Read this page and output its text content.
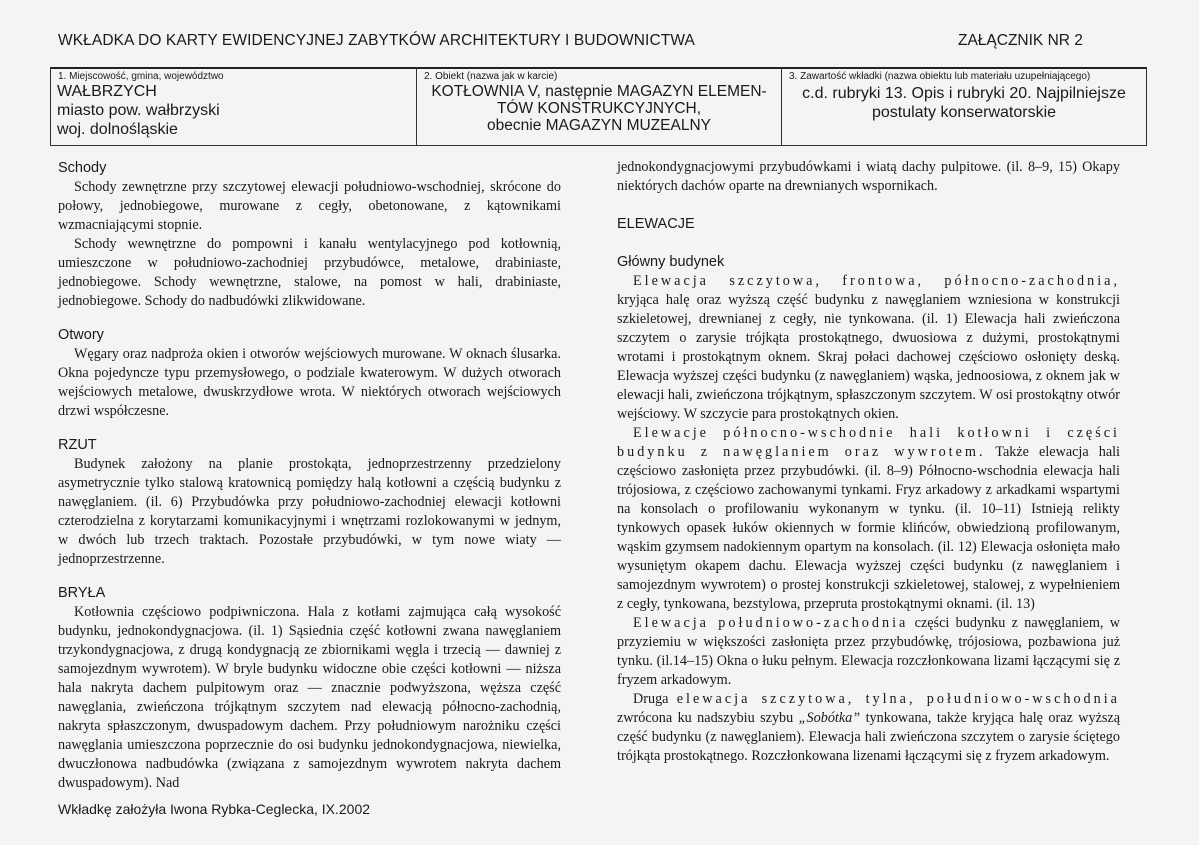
WKŁADKA DO KARTY EWIDENCYJNEJ ZABYTKÓW ARCHITEKTURY I BUDOWNICTWA	ZAŁĄCZNIK NR 2
1. Miejscowość, gmina, województwo
WAŁBRZYCH
miasto pow. wałbrzyski
woj. dolnośląskie
2. Obiekt (nazwa jak w karcie)
KOTŁOWNIA V, następnie MAGAZYN ELEMEN-
TÓW KONSTRUKCYJNYCH,
obecnie MAGAZYN MUZEALNY
3. Zawartość wkładki (nazwa obiektu lub materiału uzupełniającego)
c.d. rubryki 13. Opis i rubryki 20. Najpilniejsze
postulaty konserwatorskie
Schody

Schody zewnętrzne przy szczytowej elewacji południowo-wschodniej, skrócone do połowy, jednobiegowe, murowane z cegły, obetonowane, z kątownikami wzmacniającymi stopnie.

Schody wewnętrzne do pompowni i kanału wentylacyjnego pod kotłownią, umieszczone w południowo-zachodniej przybudówce, metalowe, drabiniaste, jednobiegowe. Schody wewnętrzne, stalowe, na pomost w hali, drabiniaste, jednobiegowe. Schody do nadbudówki zlikwidowane.

Otwory

Węgary oraz nadproża okien i otworów wejściowych murowane. W oknach ślusarka. Okna pojedyncze typu przemysłowego, o podziale kwaterowym. W dużych otworach wejściowych metalowe, dwuskrzydłowe wrota. W niektórych otworach wejściowych drzwi współczesne.

RZUT

Budynek założony na planie prostokąta, jednoprzestrzenny przedzielony asymetrycznie tylko stalową kratownicą pomiędzy halą kotłowni a częścią budynku z nawęglaniem. (il. 6) Przybudówka przy południowo-zachodniej elewacji kotłowni czterodzielna z korytarzami komunikacyjnymi i wnętrzami rozlokowanymi w jednym, w dwóch lub trzech traktach. Pozostałe przybudówki, w tym nowe wiaty — jednoprzestrzenne.

BRYŁA

Kotłownia częściowo podpiwniczona. Hala z kotłami zajmująca całą wysokość budynku, jednokondygnacjowa. (il. 1) Sąsiednia część kotłowni zwana nawęglaniem trzykondygnacjowa, z drugą kondygnacją ze zbiornikami węgla i trzecią — dawniej z samojezdnym wywrotem). W bryle budynku widoczne obie części kotłowni — niższa hala nakryta dachem pulpitowym oraz — znacznie podwyższona, węższa część nawęglania, zwieńczona trójkątnym szczytem nad elewacją północno-zachodnią, nakryta spłaszczonym, dwuspadowym dachem. Przy południowym narożniku części nawęglania umieszczona poprzecznie do osi budynku jednokondygnacjowa, niewielka, dwuczłonowa nadbudówka (związana z samojezdnym wywrotem nakryta dachem dwuspadowym). Nad

jednokondygnacjowymi przybudówkami i wiatą dachy pulpitowe. (il. 8–9, 15) Okapy niektórych dachów oparte na drewnianych wspornikach.

ELEWACJE
Główny budynek

Elewacja szczytowa, frontowa, północno-zachodnia, kryjąca halę oraz wyższą część budynku z nawęglaniem wzniesiona w konstrukcji szkieletowej, drewnianej z cegły, nie tynkowana. (il. 1) Elewacja hali zwieńczona szczytem o zarysie trójkąta prostokątnego, dwuosiowa z dużymi, prostokątnymi wrotami i prostokątnym oknem. Skraj połaci dachowej częściowo osłonięty deską. Elewacja wyższej części budynku (z nawęglaniem) wąska, jednoosiowa, z oknem jak w elewacji hali, zwieńczona trójkątnym, spłaszczonym szczytem. W osi prostokątny otwór wejściowy. W szczycie para prostokątnych okien.

Elewacje północno-wschodnie hali kotłowni i części budynku z nawęglaniem oraz wywrotem. Także elewacja hali częściowo zasłonięta przez przybudówki. (il. 8–9) Północno-wschodnia elewacja hali trójosiowa, z częściowo zachowanymi tynkami. Fryz arkadowy z arkadkami wspartymi na konsolach o profilowaniu wykonanym w tynku. (il. 10–11) Istnieją relikty tynkowych opasek łuków okiennych w formie klińców, obwiedzioną profilowanym, wąskim gzymsem nadokiennym opartym na konsolach. (il. 12) Elewacja osłonięta mało wysuniętym okapem dachu. Elewacja wyższej części budynku (z nawęglaniem i samojezdnym wywrotem) o prostej konstrukcji szkieletowej, stalowej, z wypełnieniem z cegły, tynkowana, bezstylowa, przepruta prostokątnymi oknami. (il. 13)

Elewacja południowo-zachodnia części budynku z nawęglaniem, w przyziemiu w większości zasłonięta przez przybudówkę, trójosiowa, pozbawiona już tynku. (il.14–15) Okna o łuku pełnym. Elewacja rozczłonkowana lizami łączącymi się z fryzem arkadowym.

Druga elewacja szczytowa, tylna, południowo-wschodnia zwrócona ku nadszybiu szybu „Sobótka” tynkowana, także kryjąca halę oraz wyższą część budynku (z nawęglaniem). Elewacja hali zwieńczona szczytem o zarysie ściętego trójkąta prostokątnego. Rozczłonkowana lizenami łączącymi się z fryzem arkadowym.

Wkładkę założyła Iwona Rybka-Ceglecka, IX.2002
